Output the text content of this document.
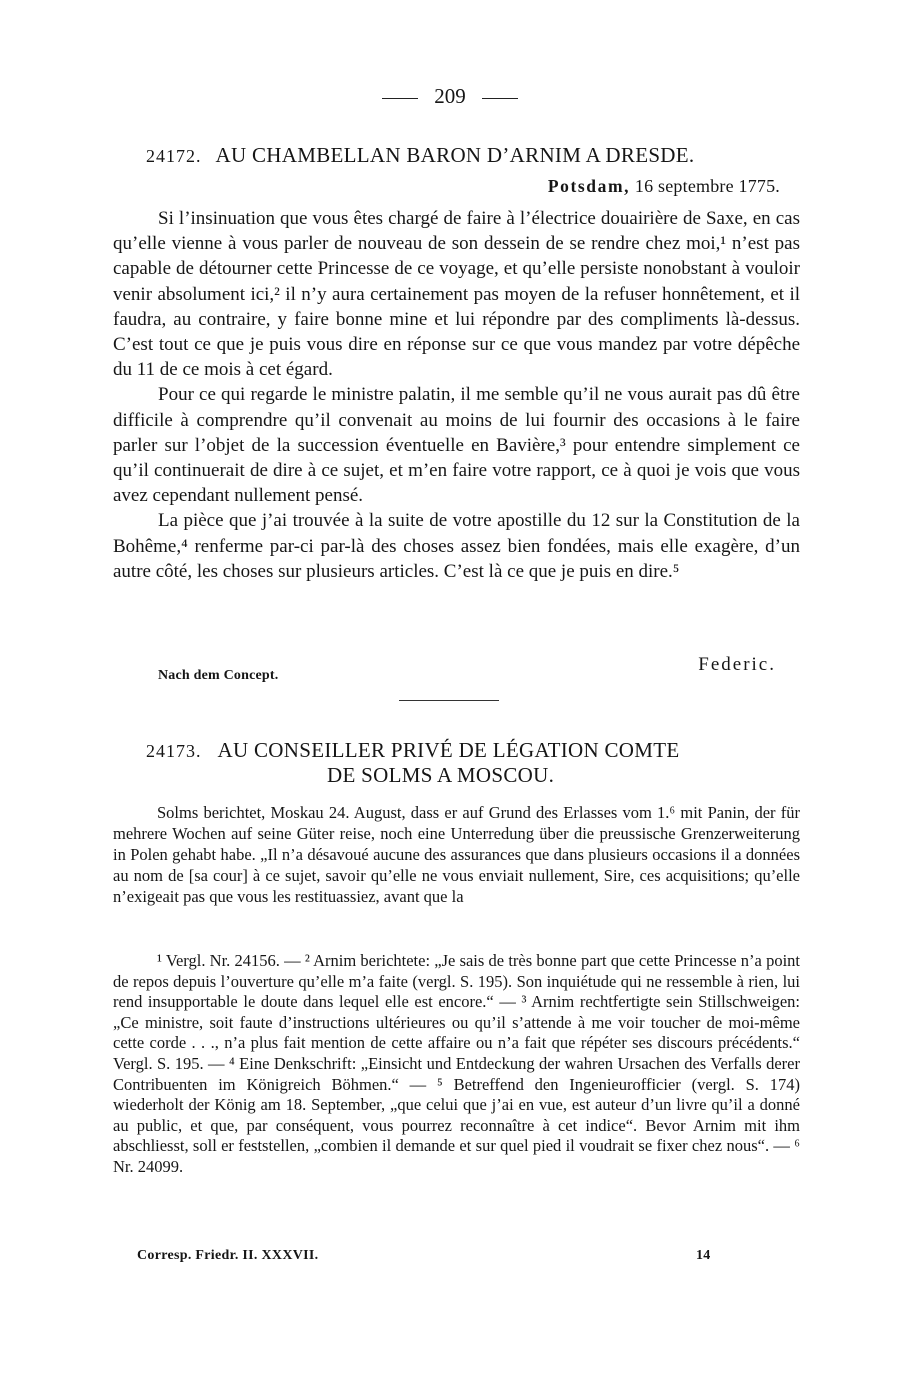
209
24172. AU CHAMBELLAN BARON D’ARNIM A DRESDE.
Potsdam, 16 septembre 1775.

Si l’insinuation que vous êtes chargé de faire à l’électrice douairière de Saxe, en cas qu’elle vienne à vous parler de nouveau de son dessein de se rendre chez moi,¹ n’est pas capable de détourner cette Princesse de ce voyage, et qu’elle persiste nonobstant à vouloir venir absolument ici,² il n’y aura certainement pas moyen de la refuser honnêtement, et il faudra, au contraire, y faire bonne mine et lui répondre par des compliments là-dessus. C’est tout ce que je puis vous dire en réponse sur ce que vous mandez par votre dépêche du 11 de ce mois à cet égard.

Pour ce qui regarde le ministre palatin, il me semble qu’il ne vous aurait pas dû être difficile à comprendre qu’il convenait au moins de lui fournir des occasions à le faire parler sur l’objet de la succession éventuelle en Bavière,³ pour entendre simplement ce qu’il continuerait de dire à ce sujet, et m’en faire votre rapport, ce à quoi je vois que vous avez cependant nullement pensé.

La pièce que j’ai trouvée à la suite de votre apostille du 12 sur la Constitution de la Bohême,⁴ renferme par-ci par-là des choses assez bien fondées, mais elle exagère, d’un autre côté, les choses sur plusieurs articles. C’est là ce que je puis en dire.⁵

Federic.
Nach dem Concept.
24173. AU CONSEILLER PRIVÉ DE LÉGATION COMTE
DE SOLMS A MOSCOU.

Solms berichtet, Moskau 24. August, dass er auf Grund des Erlasses vom 1.⁶ mit Panin, der für mehrere Wochen auf seine Güter reise, noch eine Unterredung über die preussische Grenzerweiterung in Polen gehabt habe. „Il n’a désavoué aucune des assurances que dans plusieurs occasions il a données au nom de [sa cour] à ce sujet, savoir qu’elle ne vous enviait nullement, Sire, ces acquisitions; qu’elle n’exigeait pas que vous les restituassiez, avant que la

¹ Vergl. Nr. 24156. — ² Arnim berichtete: „Je sais de très bonne part que cette Princesse n’a point de repos depuis l’ouverture qu’elle m’a faite (vergl. S. 195). Son inquiétude qui ne ressemble à rien, lui rend insupportable le doute dans lequel elle est encore.“ — ³ Arnim rechtfertigte sein Stillschweigen: „Ce ministre, soit faute d’instructions ultérieures ou qu’il s’attende à me voir toucher de moi-même cette corde . . ., n’a plus fait mention de cette affaire ou n’a fait que répéter ses discours précédents.“ Vergl. S. 195. — ⁴ Eine Denkschrift: „Einsicht und Entdeckung der wahren Ursachen des Verfalls derer Contribuenten im Königreich Böhmen.“ — ⁵ Betreffend den Ingenieurofficier (vergl. S. 174) wiederholt der König am 18. September, „que celui que j’ai en vue, est auteur d’un livre qu’il a donné au public, et que, par conséquent, vous pourrez reconnaître à cet indice“. Bevor Arnim mit ihm abschliesst, soll er feststellen, „combien il demande et sur quel pied il voudrait se fixer chez nous“. — ⁶ Nr. 24099.

Corresp. Friedr. II. XXXVII.	14
